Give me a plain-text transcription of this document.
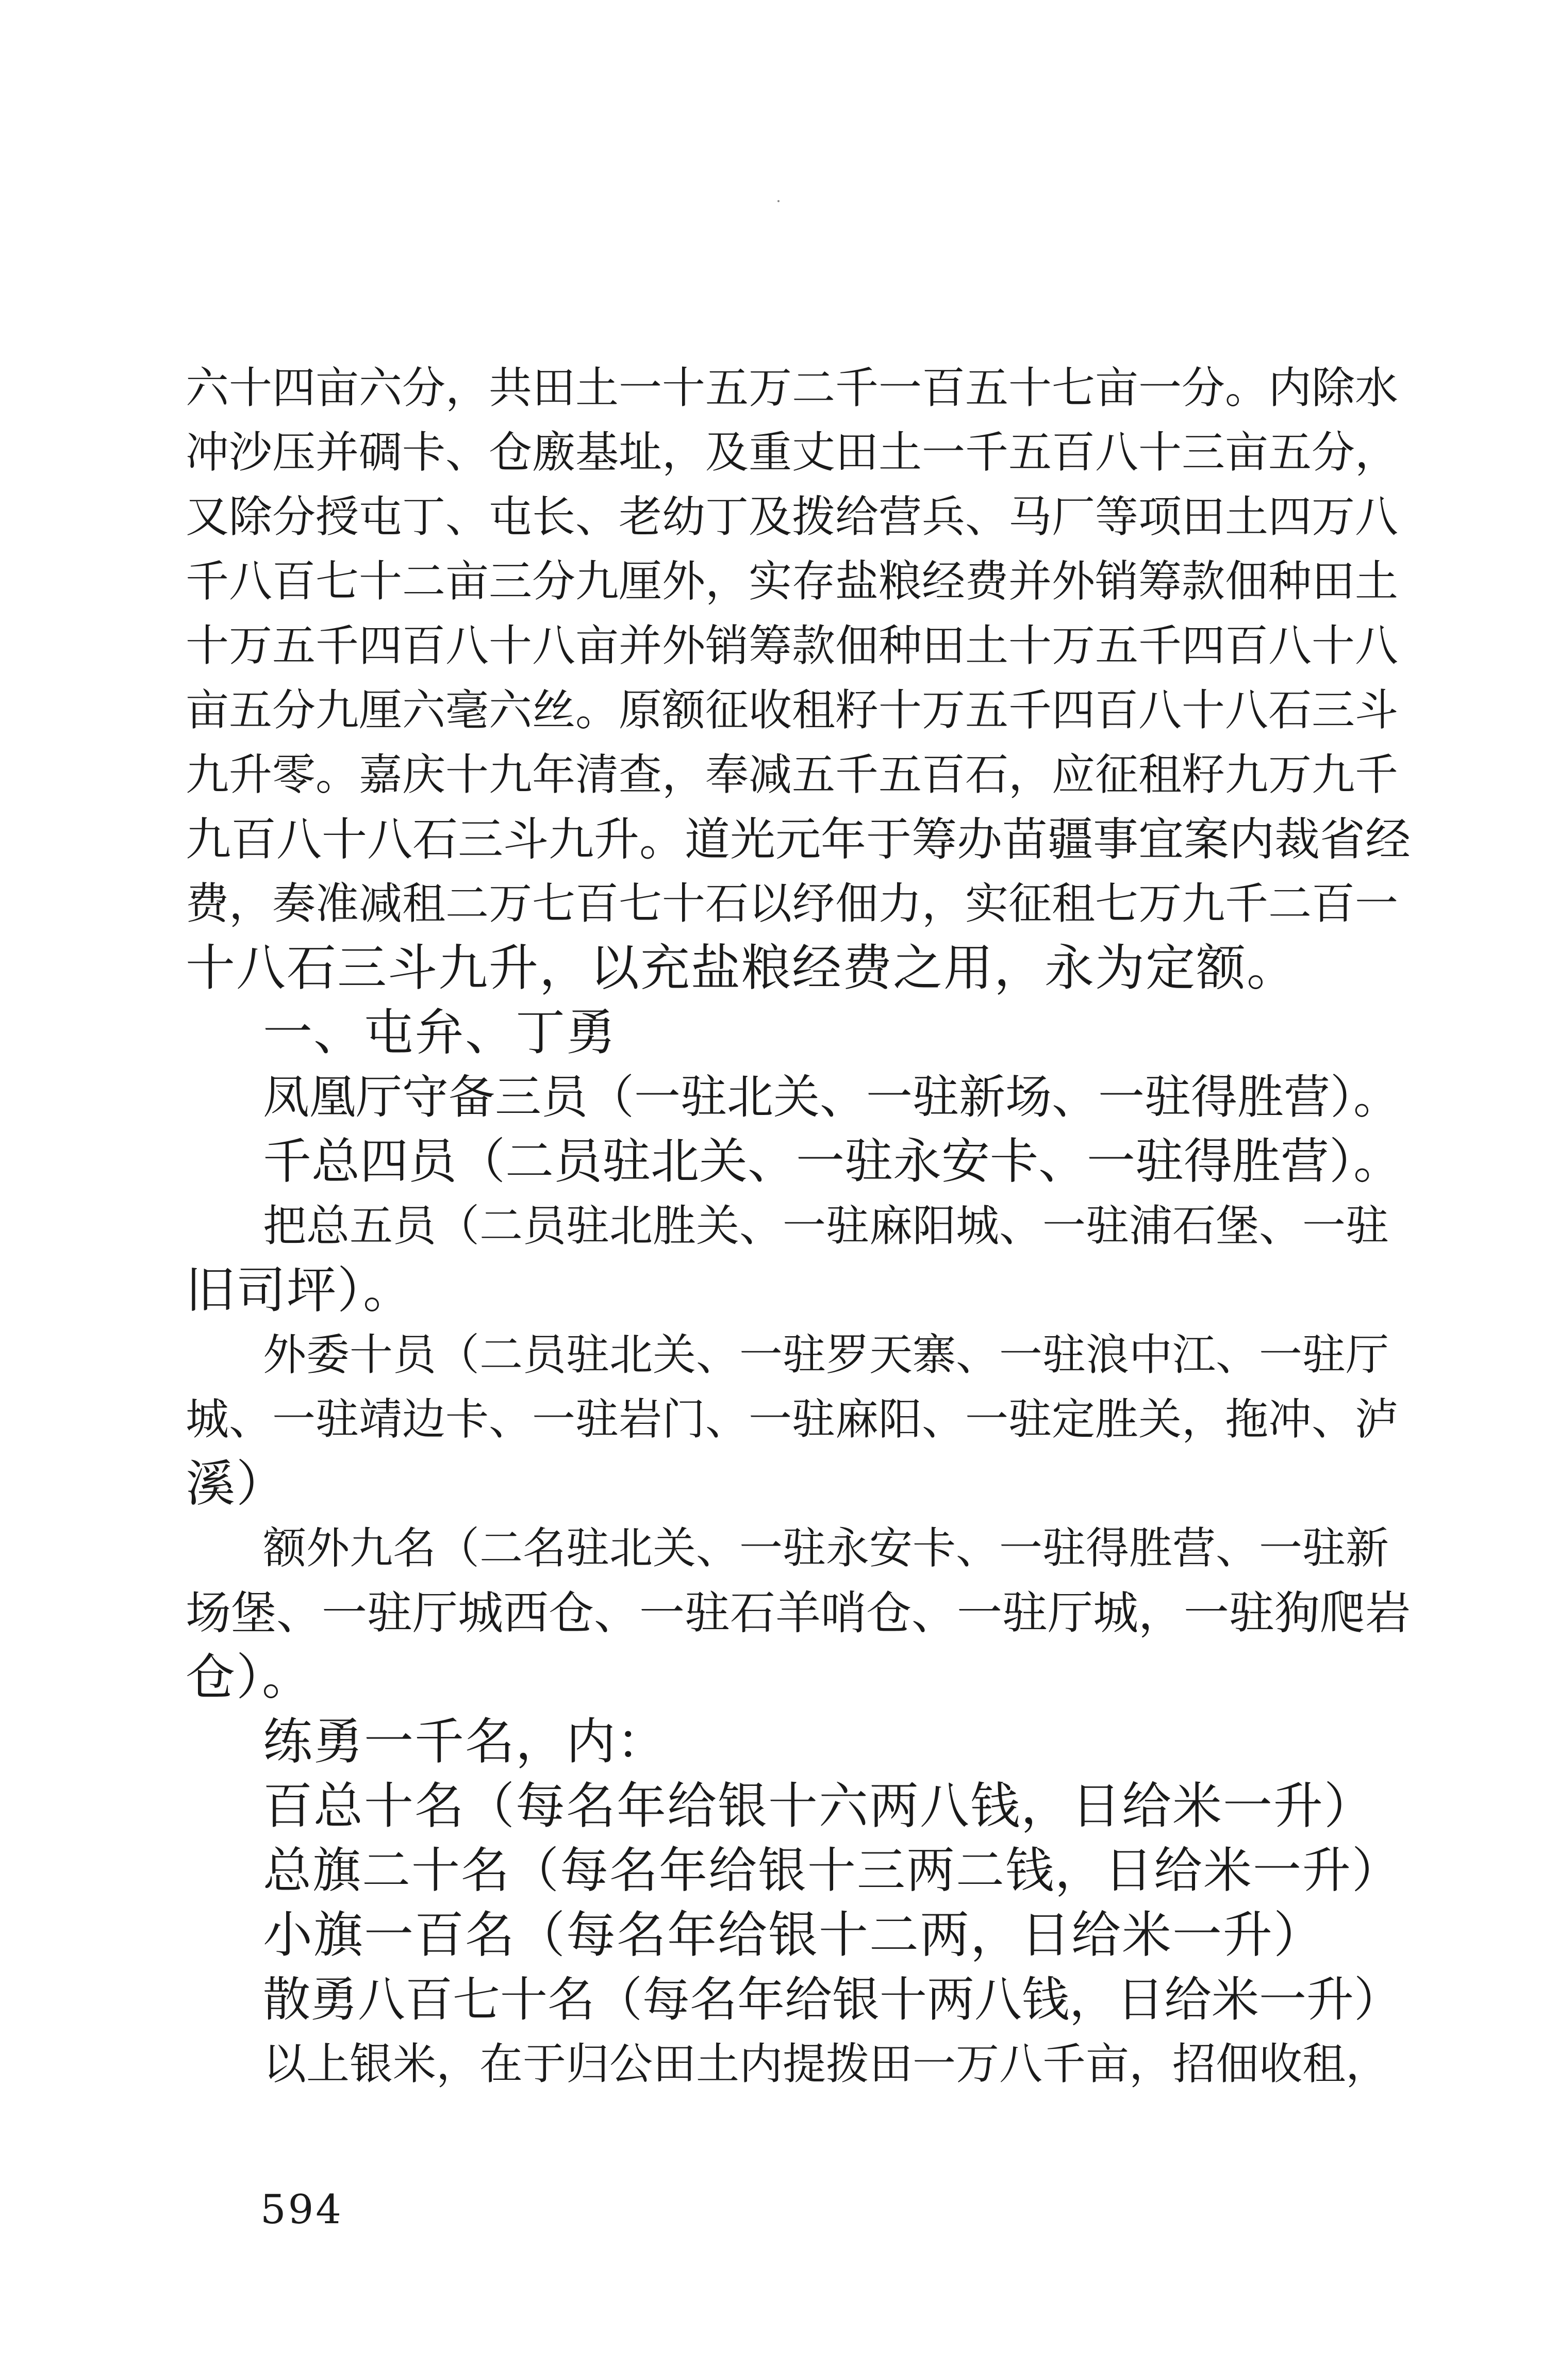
六十四亩六分，共田土一十五万二千一百五十七亩一分。内除水
冲沙压并碉卡、仓廒基址，及重丈田土一千五百八十三亩五分，
又除分授屯丁、屯长、老幼丁及拨给营兵、马厂等项田土四万八
千八百七十二亩三分九厘外，实存盐粮经费并外销筹款佃种田土
十万五千四百八十八亩并外销筹款佃种田土十万五千四百八十八
亩五分九厘六毫六丝。原额征收租籽十万五千四百八十八石三斗
九升零。嘉庆十九年清查，奉减五千五百石，应征租籽九万九千
九百八十八石三斗九升。道光元年于筹办苗疆事宜案内裁省经
费，奏准减租二万七百七十石以纾佃力，实征租七万九千二百一
十八石三斗九升，以充盐粮经费之用，永为定额。
一、屯弁、丁勇
凤凰厅守备三员（一驻北关、一驻新场、一驻得胜营）。
千总四员（二员驻北关、一驻永安卡、一驻得胜营）。
把总五员（二员驻北胜关、一驻麻阳城、一驻浦石堡、一驻
旧司坪）。
外委十员（二员驻北关、一驻罗天寨、一驻浪中江、一驻厅
城、一驻靖边卡、一驻岩门、一驻麻阳、一驻定胜关，拖冲、泸
溪）
额外九名（二名驻北关、一驻永安卡、一驻得胜营、一驻新
场堡、一驻厅城西仓、一驻石羊哨仓、一驻厅城，一驻狗爬岩
仓）。
练勇一千名，内：
百总十名（每名年给银十六两八钱，日给米一升）
总旗二十名（每名年给银十三两二钱，日给米一升）
小旗一百名（每名年给银十二两，日给米一升）
散勇八百七十名（每名年给银十两八钱，日给米一升）
以上银米，在于归公田土内提拨田一万八千亩，招佃收租，
594
